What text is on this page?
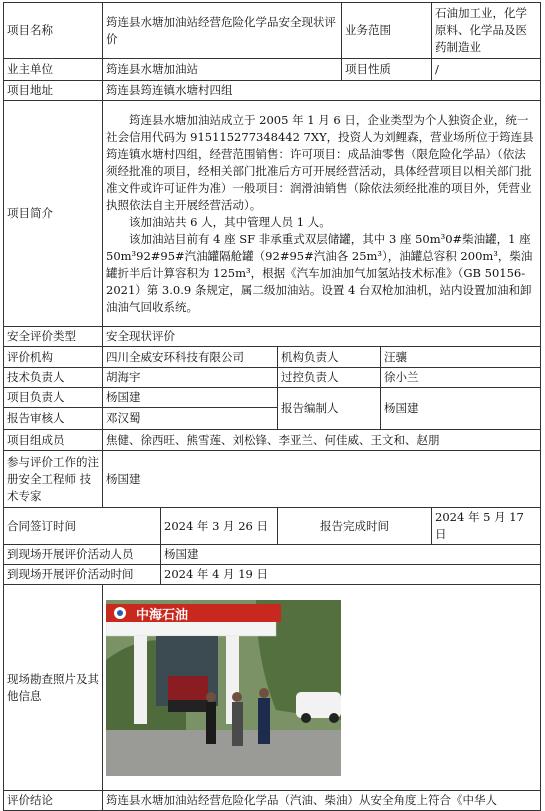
项目名称	筠连县水塘加油站经营危险化学品安全现状评价			业务范围		石油加工业，化学原料、化学品及医药制造业
业主单位	筠连县水塘加油站			项目性质		/
项目地址	筠连县筠连镇水塘村四组					
项目简介	筠连县水塘加油站成立于 2005 年 1 月 6 日，企业类型为个人独资企业，统一社会信用代码为 915115277348442 7XY，投资人为刘鲤森，营业场所位于筠连县筠连镇水塘村四组，经营范围销售：许可项目：成品油零售（限危险化学品）（依法须经批准的项目，经相关部门批准后方可开展经营活动，具体经营项目以相关部门批准文件或许可证件为准）一般项目：润滑油销售（除依法须经批准的项目外，凭营业执照依法自主开展经营活动）。

该加油站共 6 人，其中管理人员 1 人。

该加油站目前有 4 座 SF 非承重式双层储罐，其中 3 座 50m³0#柴油罐，1 座 50m³92#95#汽油罐隔舱罐（92#95#汽油各 25m³），油罐总容积 200m³，柴油罐折半后计算容积为 125m³，根据《汽车加油加气加氢站技术标准》（GB 50156-2021）第 3.0.9 条规定，属二级加油站。设置 4 台双枪加油机，站内设置加油和卸油油气回收系统。					

安全评价类型	安全现状评价					
评价机构	四川全威安环科技有限公司		机构负责人		汪骧	
技术负责人	胡海宇		过控负责人		徐小兰	
项目负责人	杨国建		报告编制人		杨国建	
报告审核人	邓汉蜀					
项目组成员	焦健、徐西旺、熊雪莲、刘松锋、李亚兰、何佳威、王文和、赵朋					
参与评价工作的注册安全工程师 技术专家	杨国建					
合同签订时间		2024 年 3 月 26 日	报告完成时间			2024 年 5 月 17 日
到现场开展评价活动人员		杨国建				
到现场开展评价活动时间		2024 年 4 月 19 日				
现场勘查照片及其他信息	中海石油					

评价结论	筠连县水塘加油站经营危险化学品（汽油、柴油）从安全角度上符合《中华人					
